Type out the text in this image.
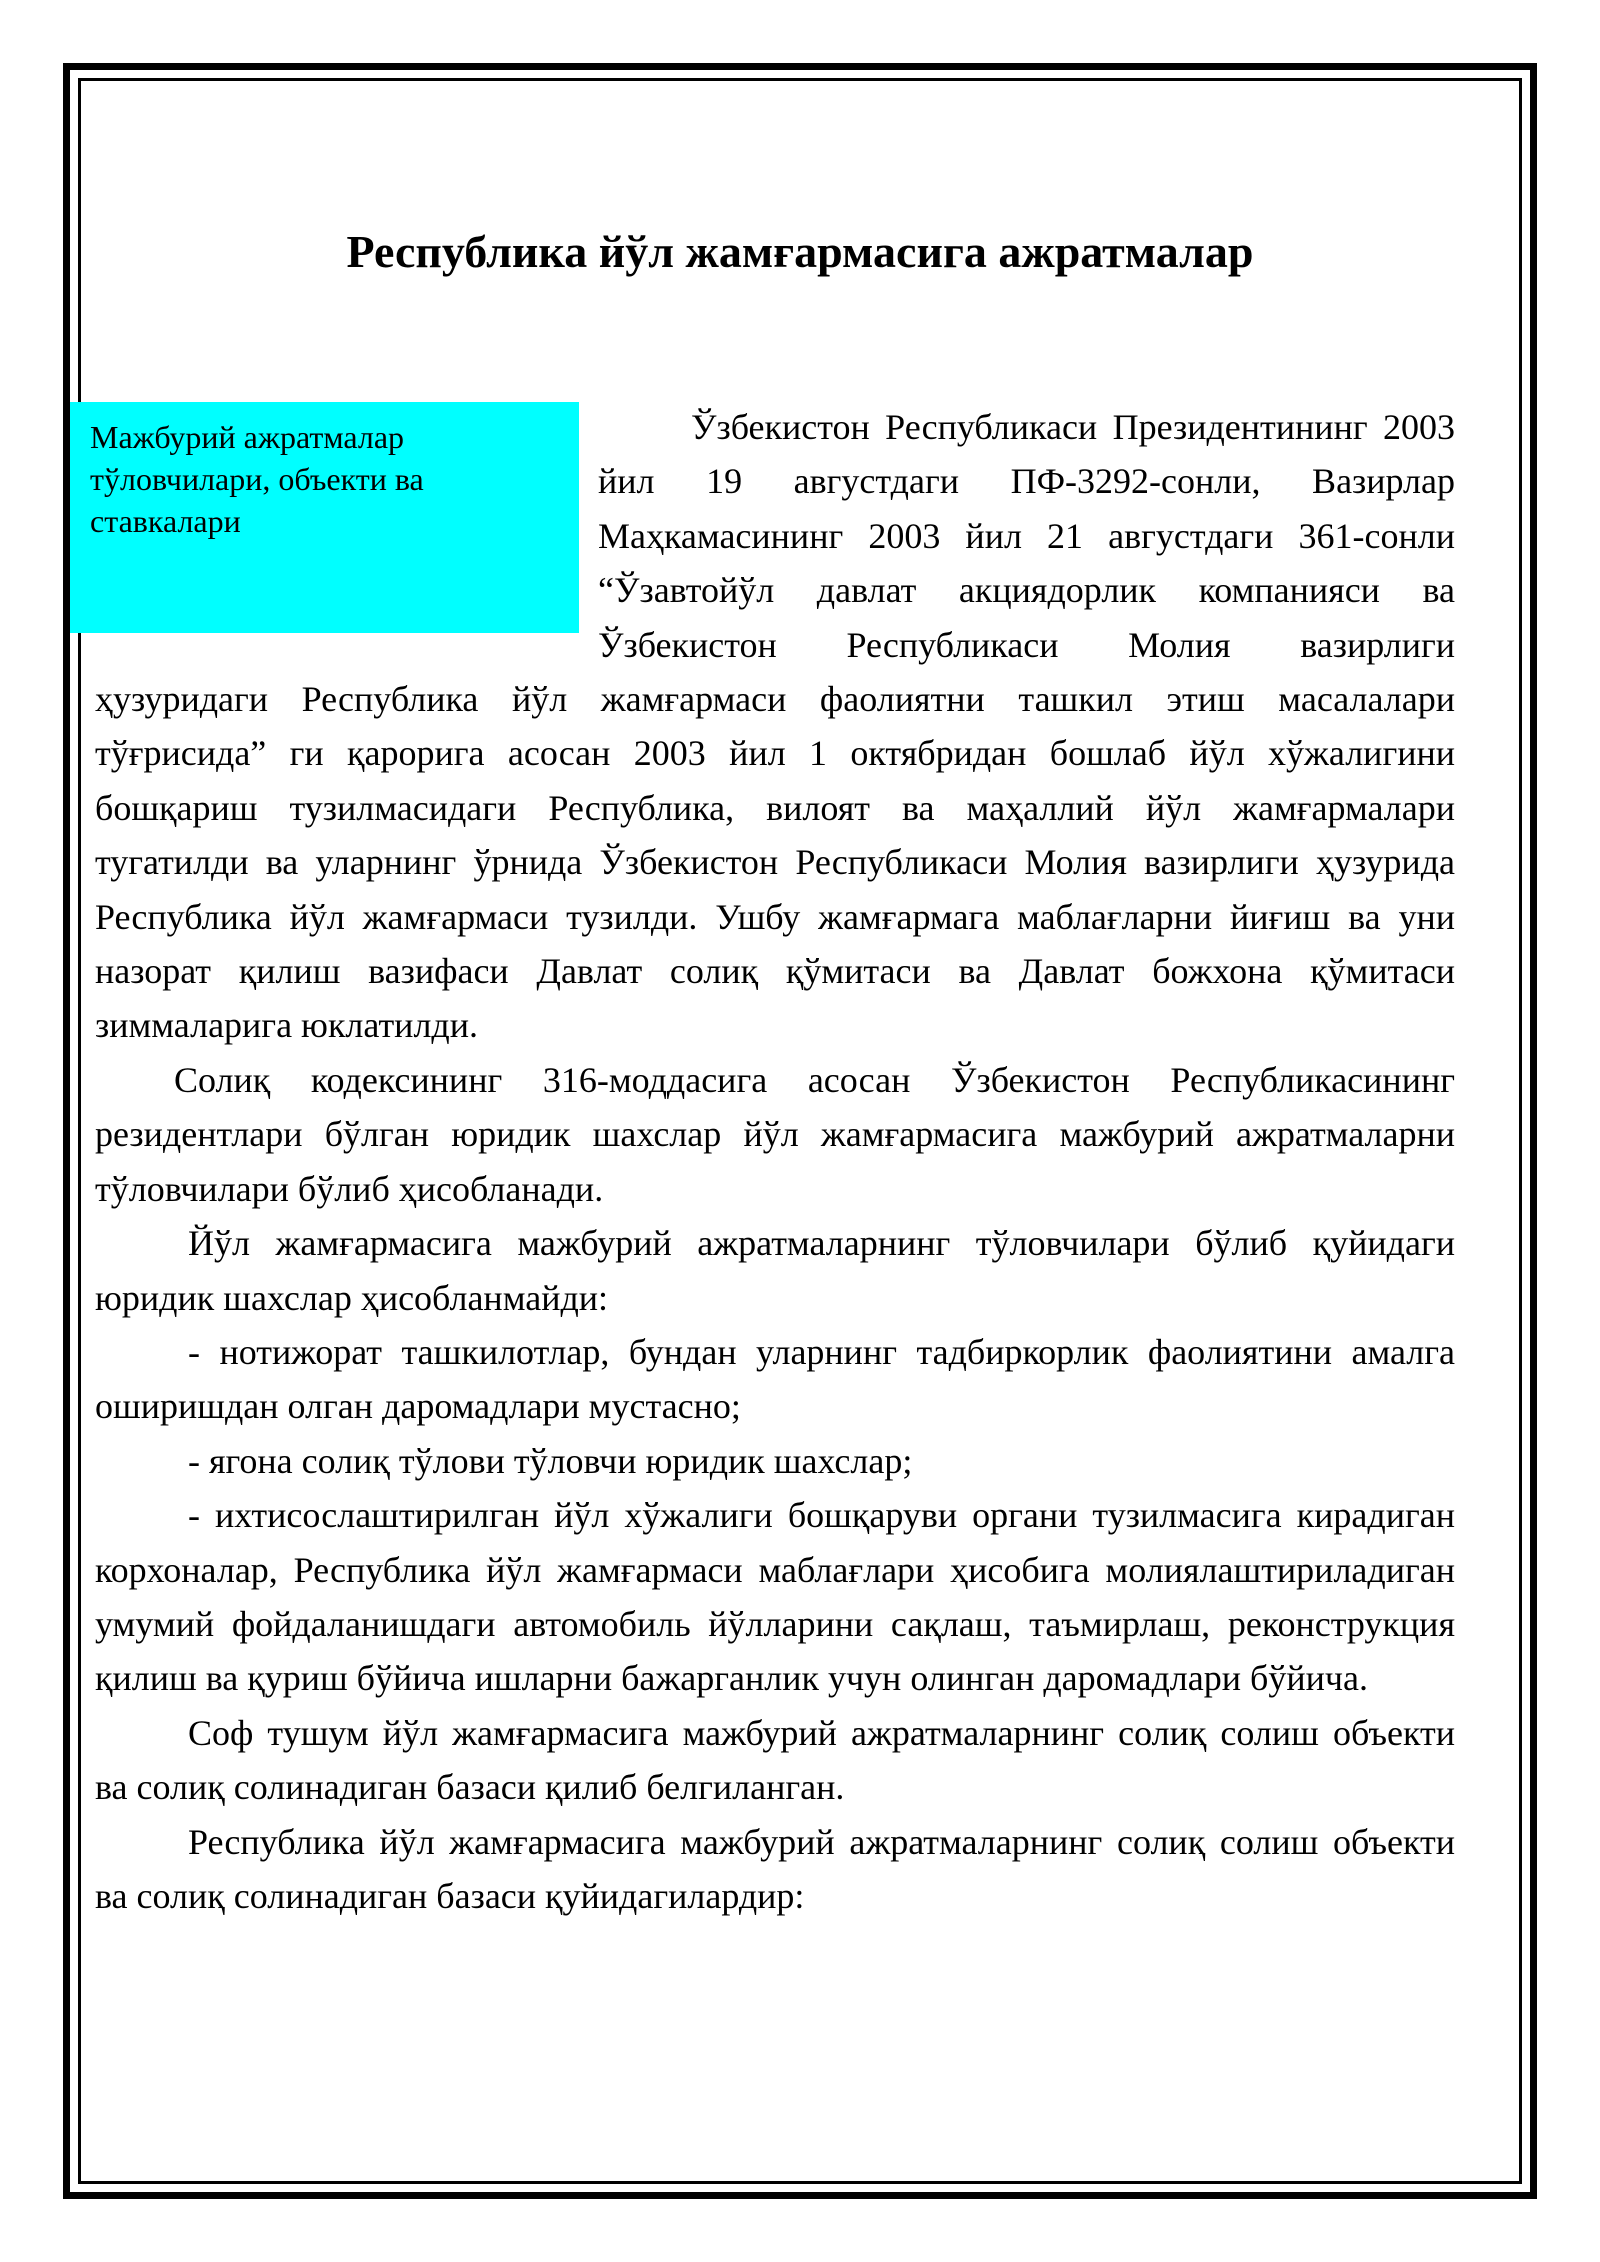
Республика йўл жамғармасига ажратмалар
Мажбурий ажратмалар тўловчилари, объекти ва ставкалари

Ўзбекистон Республикаси Президентининг 2003 йил 19 августдаги ПФ-3292-сонли, Вазирлар Маҳкамасининг 2003 йил 21 августдаги 361-сонли “Ўзавтойўл давлат акциядорлик компанияси ва Ўзбекистон Республикаси Молия вазирлиги ҳузуридаги Республика йўл жамғармаси фаолиятни ташкил этиш масалалари тўғрисида” ги қарорига асосан 2003 йил 1 октябридан бошлаб йўл хўжалигини бошқариш тузилмасидаги Республика, вилоят ва маҳаллий йўл жамғармалари тугатилди ва уларнинг ўрнида Ўзбекистон Республикаси Молия вазирлиги ҳузурида Республика йўл жамғармаси тузилди. Ушбу жамғармага маблағларни йиғиш ва уни назорат қилиш вазифаси Давлат солиқ қўмитаси ва Давлат божхона қўмитаси зиммаларига юклатилди.

Солиқ кодексининг 316-моддасига асосан Ўзбекистон Республикасининг резидентлари бўлган юридик шахслар йўл жамғармасига мажбурий ажратмаларни тўловчилари бўлиб ҳисобланади.

Йўл жамғармасига мажбурий ажратмаларнинг тўловчилари бўлиб қуйидаги юридик шахслар ҳисобланмайди:

- нотижорат ташкилотлар, бундан уларнинг тадбиркорлик фаолиятини амалга оширишдан олган даромадлари мустасно;

- ягона солиқ тўлови тўловчи юридик шахслар;

- ихтисослаштирилган йўл хўжалиги бошқаруви органи тузилмасига кирадиган корхоналар, Республика йўл жамғармаси маблағлари ҳисобига молиялаштириладиган умумий фойдаланишдаги автомобиль йўлларини сақлаш, таъмирлаш, реконструкция қилиш ва қуриш бўйича ишларни бажарганлик учун олинган даромадлари бўйича.

Соф тушум йўл жамғармасига мажбурий ажратмаларнинг солиқ солиш объекти ва солиқ солинадиган базаси қилиб белгиланган.

Республика йўл жамғармасига мажбурий ажратмаларнинг солиқ солиш объекти ва солиқ солинадиган базаси қуйидагилардир:
